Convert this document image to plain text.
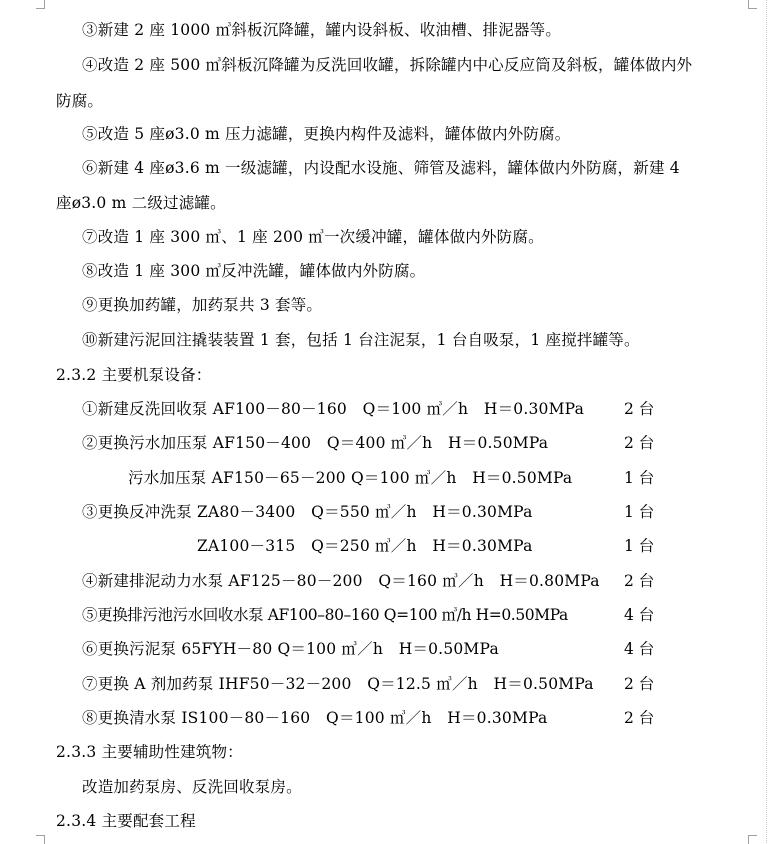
③新建 2 座 1000 ㎥斜板沉降罐，罐内设斜板、收油槽、排泥器等。
④改造 2 座 500 ㎥斜板沉降罐为反洗回收罐，拆除罐内中心反应筒及斜板，罐体做内外
防腐。
⑤改造 5 座ø3.0 m 压力滤罐，更换内构件及滤料，罐体做内外防腐。
⑥新建 4 座ø3.6 m 一级滤罐，内设配水设施、筛管及滤料，罐体做内外防腐，新建 4
座ø3.0 m 二级过滤罐。
⑦改造 1 座 300 ㎥、1 座 200 ㎥一次缓冲罐，罐体做内外防腐。
⑧改造 1 座 300 ㎥反冲洗罐，罐体做内外防腐。
⑨更换加药罐，加药泵共 3 套等。
⑩新建污泥回注撬装装置 1 套，包括 1 台注泥泵，1 台自吸泵，1 座搅拌罐等。
2.3.2 主要机泵设备：
①新建反洗回收泵 AF100－80－160　Q＝100 ㎥／h　H＝0.30MPa	2 台
②更换污水加压泵 AF150－400　Q＝400 ㎥／h　H＝0.50MPa	2 台
污水加压泵 AF150－65－200 Q＝100 ㎥／h　H＝0.50MPa	1 台
③更换反冲洗泵 ZA80－3400　Q＝550 ㎥／h　H＝0.30MPa	1 台
ZA100－315　Q＝250 ㎥／h　H＝0.30MPa	1 台
④新建排泥动力水泵 AF125－80－200　Q＝160 ㎥／h　H＝0.80MPa 2 台
⑤更换排污池污水回收水泵 AF100–80–160 Q=100 ㎥/h H=0.50MPa	4 台
⑥更换污泥泵 65FYH－80 Q＝100 ㎥／h　H＝0.50MPa	4 台
⑦更换 A 剂加药泵 IHF50－32－200　Q＝12.5 ㎥／h　H＝0.50MPa 2 台
⑧更换清水泵 IS100－80－160　Q＝100 ㎥／h　H＝0.30MPa	2 台
2.3.3 主要辅助性建筑物：
改造加药泵房、反洗回收泵房。
2.3.4 主要配套工程
